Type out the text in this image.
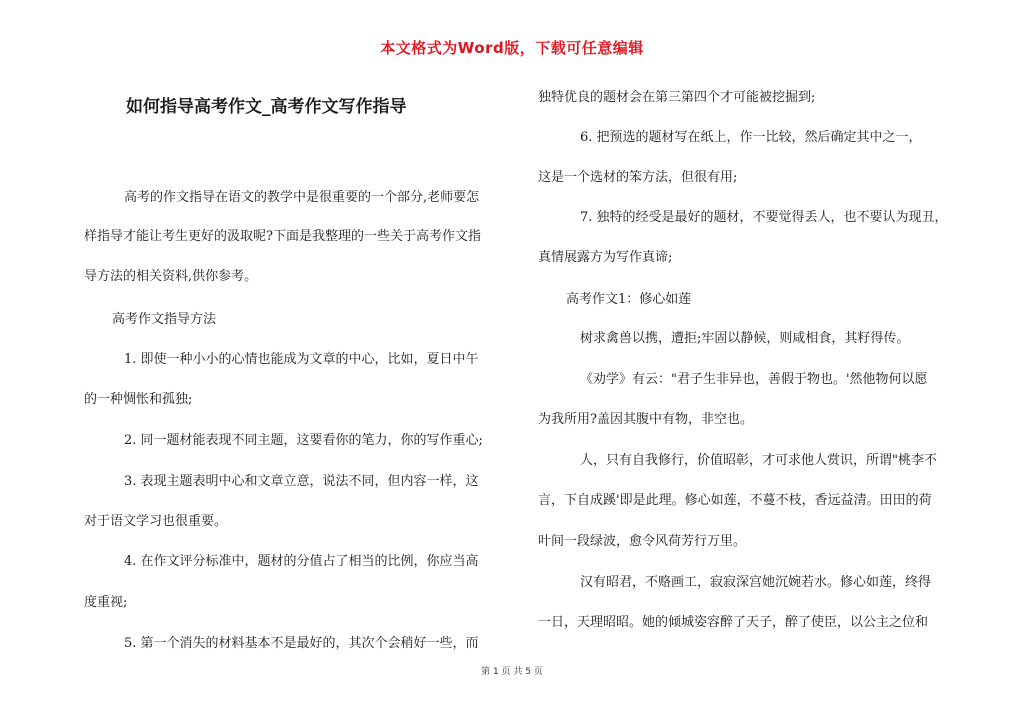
本文格式为Word版，下载可任意编辑
如何指导高考作文_高考作文写作指导
高考的作文指导在语文的教学中是很重要的一个部分,老师要怎
样指导才能让考生更好的汲取呢?下面是我整理的一些关于高考作文指
导方法的相关资料,供你参考。
高考作文指导方法
1. 即使一种小小的心情也能成为文章的中心，比如，夏日中午
的一种惆怅和孤独;
2. 同一题材能表现不同主题，这要看你的笔力，你的写作重心;
3. 表现主题表明中心和文章立意，说法不同，但内容一样，这
对于语文学习也很重要。
4. 在作文评分标准中，题材的分值占了相当的比例，你应当高
度重视;
5. 第一个消失的材料基本不是最好的，其次个会稍好一些，而
独特优良的题材会在第三第四个才可能被挖掘到;
6. 把预选的题材写在纸上，作一比较，然后确定其中之一，
这是一个选材的笨方法，但很有用;
7. 独特的经受是最好的题材，不要觉得丢人，也不要认为现丑，
真情展露方为写作真谛;
高考作文1：修心如莲
树求禽兽以携，遭拒;牢固以静候，则咸相食，其籽得传。
《劝学》有云："君子生非异也，善假于物也。'然他物何以愿
为我所用?盖因其腹中有物，非空也。
人，只有自我修行，价值昭彰，才可求他人赏识，所谓"桃李不
言，下自成蹊'即是此理。修心如莲，不蔓不枝，香远益清。田田的荷
叶间一段绿波，愈令风荷芳行万里。
汉有昭君，不赂画工，寂寂深宫她沉婉若水。修心如莲，终得
一日，天理昭昭。她的倾城姿容醉了天子，醉了使臣，以公主之位和
第 1 页 共 5 页
